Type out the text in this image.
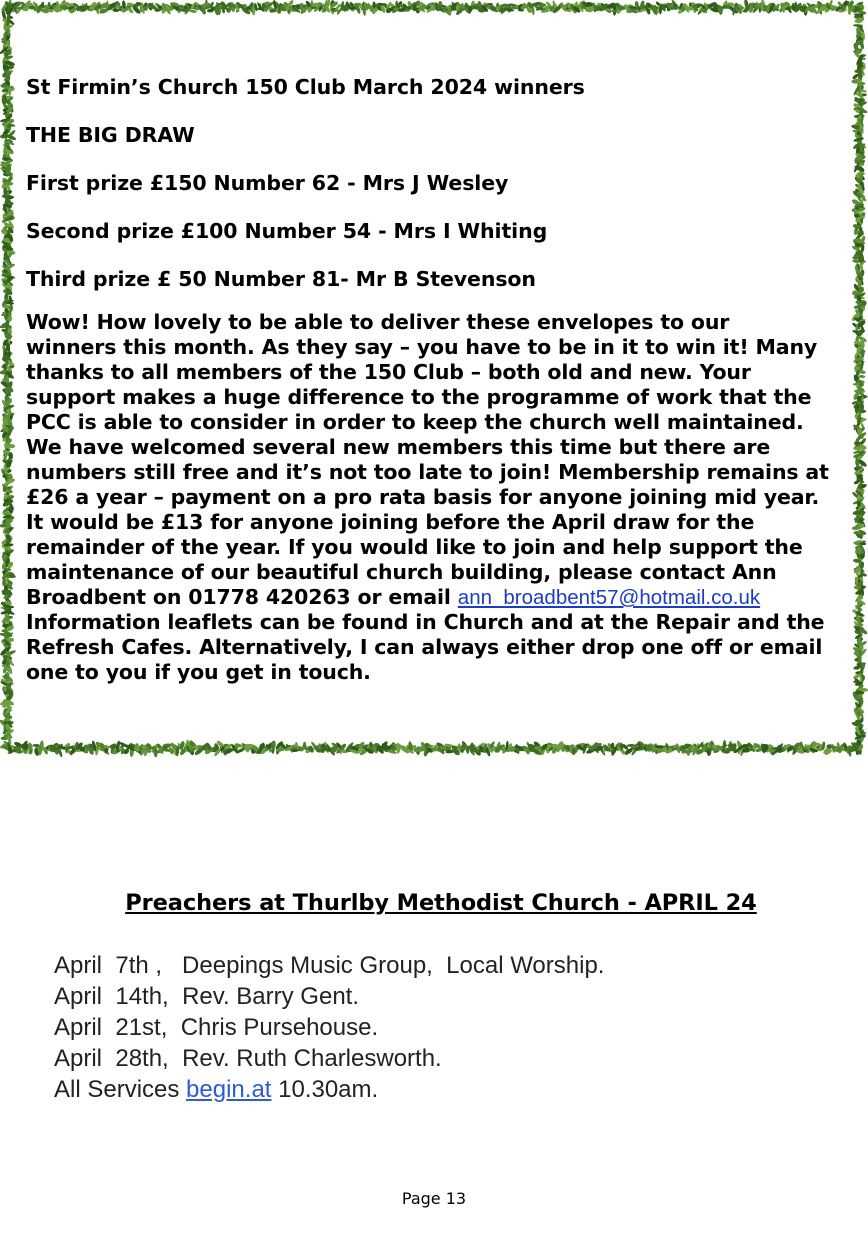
St Firmin’s Church 150 Club March 2024 winners

THE BIG DRAW

First prize £150 Number 62 - Mrs J Wesley

Second prize £100 Number 54 - Mrs I Whiting

Third prize £ 50 Number 81- Mr B Stevenson

Wow! How lovely to be able to deliver these envelopes to our
winners this month. As they say – you have to be in it to win it! Many
thanks to all members of the 150 Club – both old and new. Your
support makes a huge difference to the programme of work that the
PCC is able to consider in order to keep the church well maintained.
We have welcomed several new members this time but there are
numbers still free and it’s not too late to join! Membership remains at
£26 a year – payment on a pro rata basis for anyone joining mid year.
It would be £13 for anyone joining before the April draw for the
remainder of the year. If you would like to join and help support the
maintenance of our beautiful church building, please contact Ann
Broadbent on 01778 420263 or email ann_broadbent57@hotmail.co.uk
Information leaflets can be found in Church and at the Repair and the
Refresh Cafes. Alternatively, I can always either drop one off or email
one to you if you get in touch.
Preachers at Thurlby Methodist Church - APRIL 24
April  7th ,   Deepings Music Group,  Local Worship.
April  14th,  Rev. Barry Gent.
April  21st,  Chris Pursehouse.
April  28th,  Rev. Ruth Charlesworth.
All Services begin.at 10.30am.
Page 13
